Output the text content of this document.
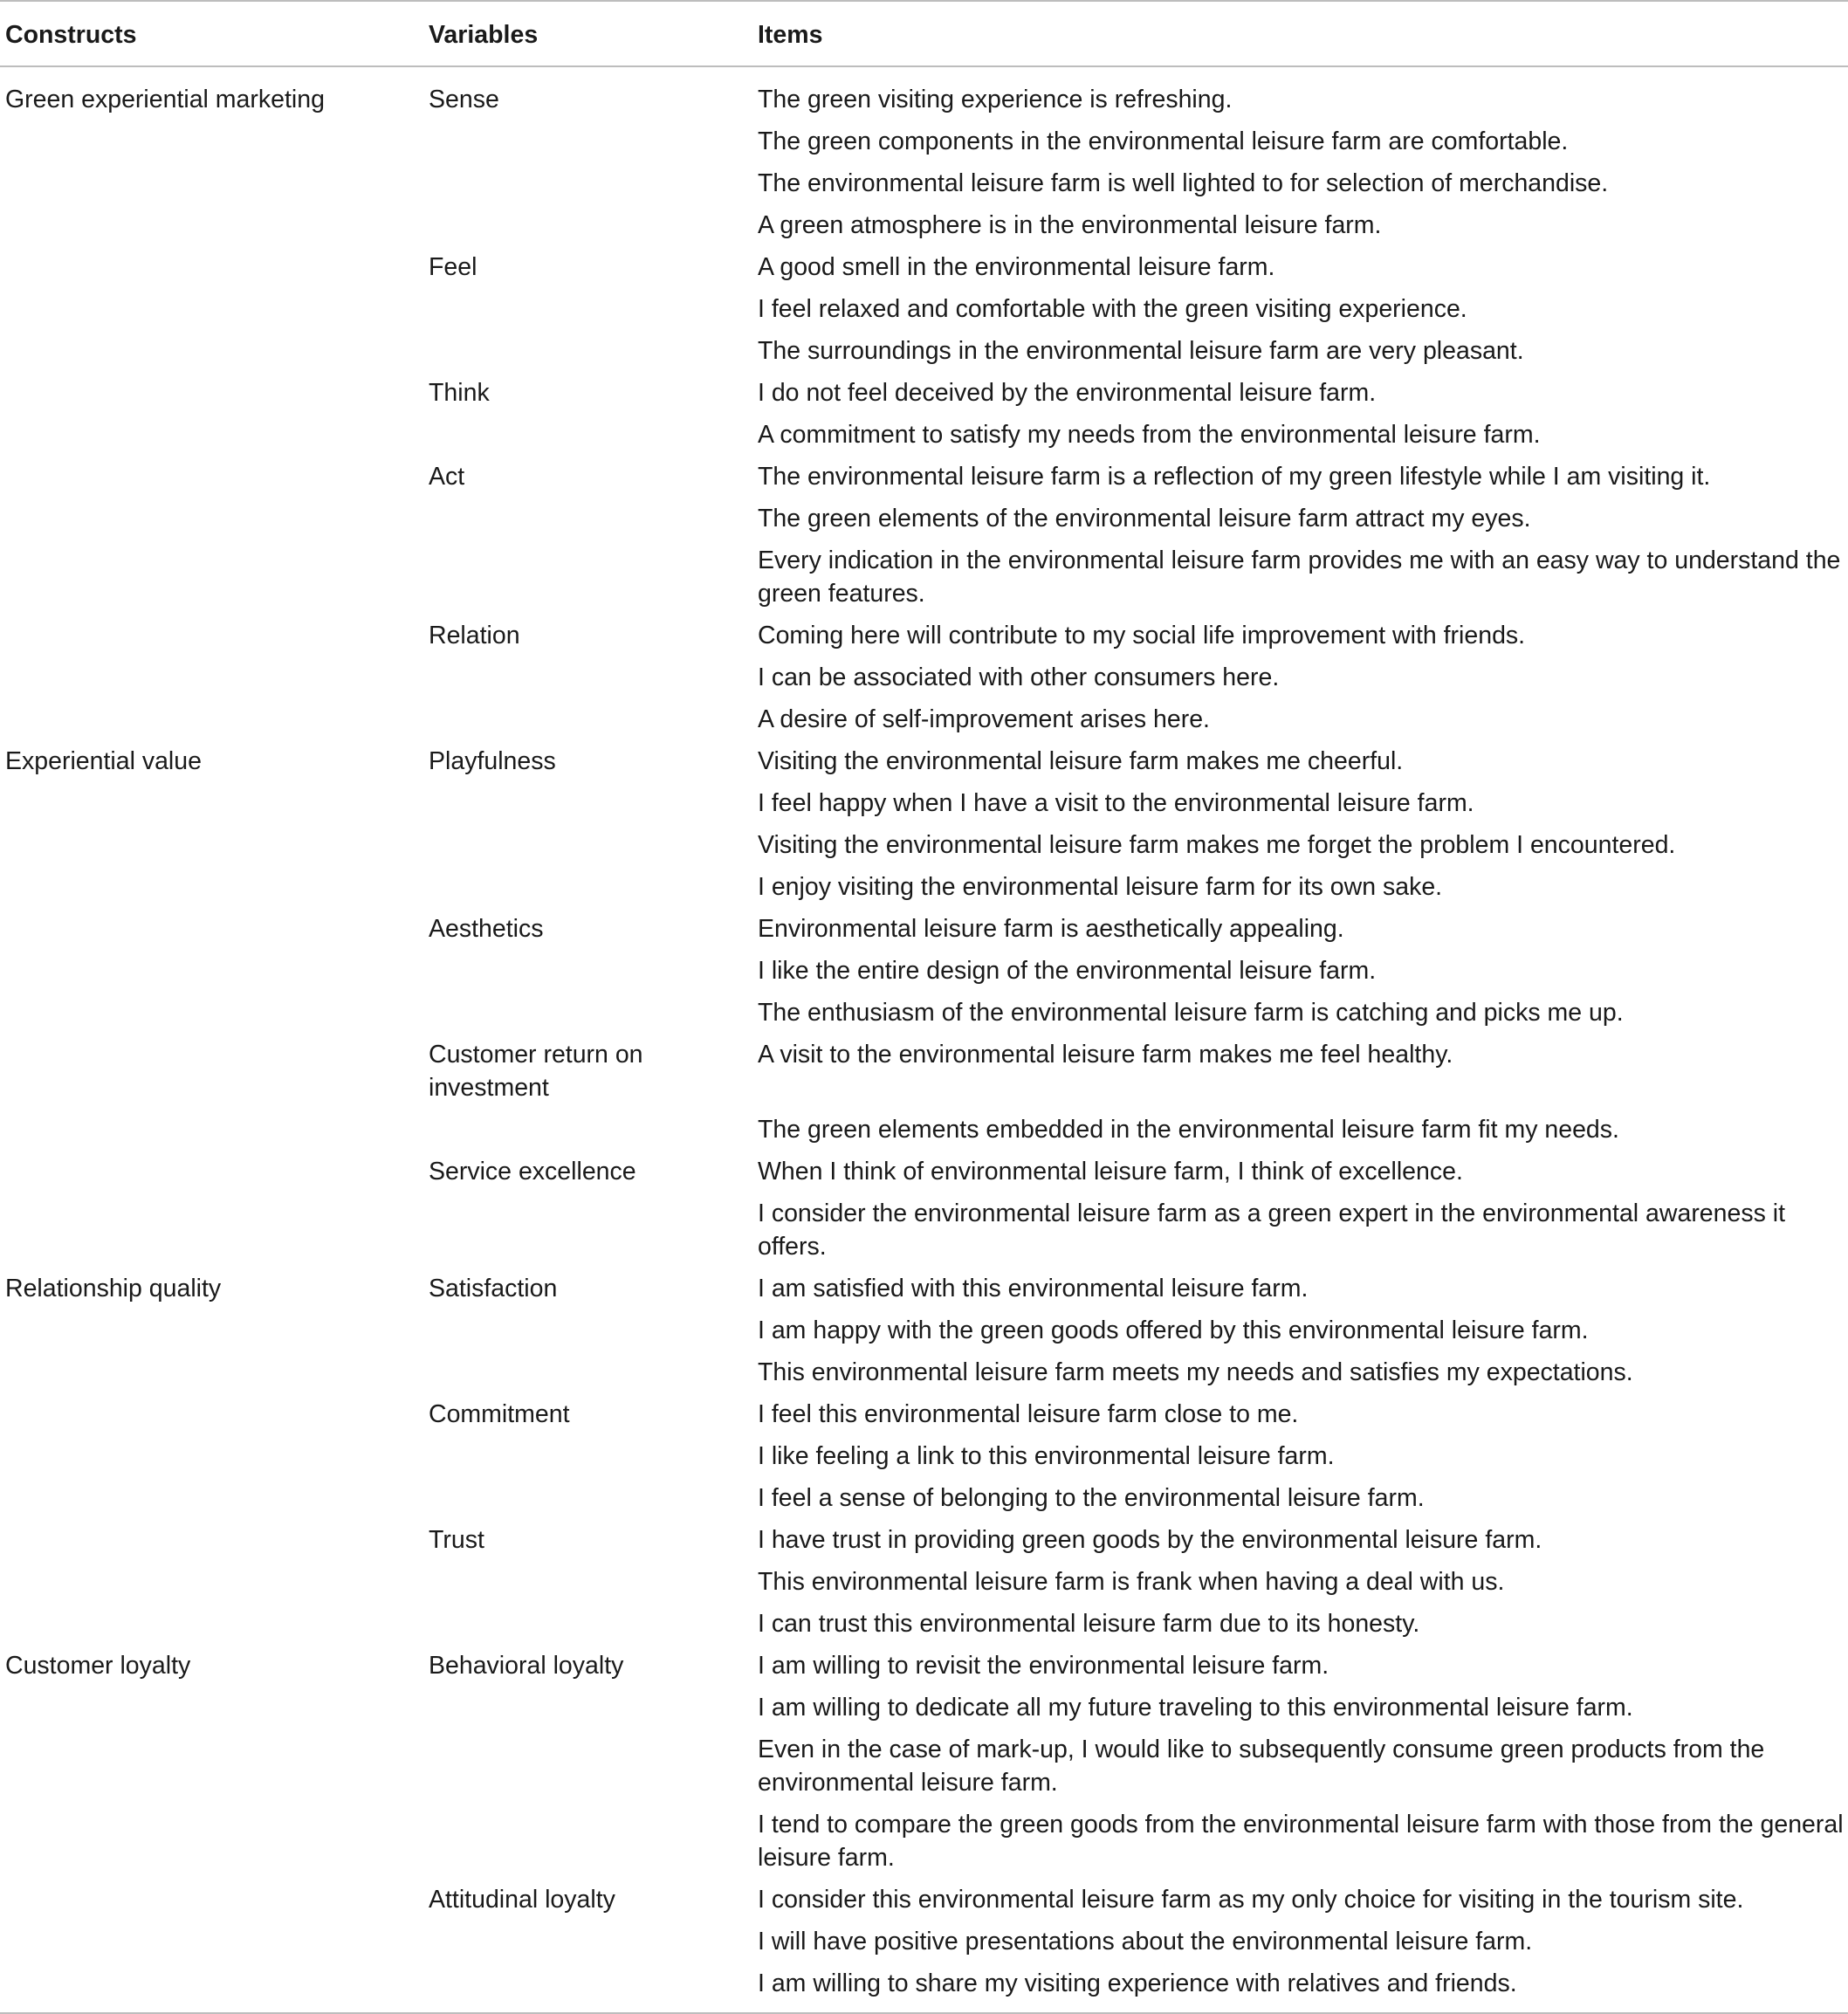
Constructs	Variables	Items
Green experiential marketing	Sense	The green visiting experience is refreshing.
		The green components in the environmental leisure farm are comfortable.
		The environmental leisure farm is well lighted to for selection of merchandise.
		A green atmosphere is in the environmental leisure farm.
	Feel	A good smell in the environmental leisure farm.
		I feel relaxed and comfortable with the green visiting experience.
		The surroundings in the environmental leisure farm are very pleasant.
	Think	I do not feel deceived by the environmental leisure farm.
		A commitment to satisfy my needs from the environmental leisure farm.
	Act	The environmental leisure farm is a reflection of my green lifestyle while I am visiting it.
		The green elements of the environmental leisure farm attract my eyes.
		Every indication in the environmental leisure farm provides me with an easy way to understand the green features.
	Relation	Coming here will contribute to my social life improvement with friends.
		I can be associated with other consumers here.
		A desire of self-improvement arises here.
Experiential value	Playfulness	Visiting the environmental leisure farm makes me cheerful.
		I feel happy when I have a visit to the environmental leisure farm.
		Visiting the environmental leisure farm makes me forget the problem I encountered.
		I enjoy visiting the environmental leisure farm for its own sake.
	Aesthetics	Environmental leisure farm is aesthetically appealing.
		I like the entire design of the environmental leisure farm.
		The enthusiasm of the environmental leisure farm is catching and picks me up.
	Customer return on investment	A visit to the environmental leisure farm makes me feel healthy.
		The green elements embedded in the environmental leisure farm fit my needs.
	Service excellence	When I think of environmental leisure farm, I think of excellence.
		I consider the environmental leisure farm as a green expert in the environmental awareness it offers.
Relationship quality	Satisfaction	I am satisfied with this environmental leisure farm.
		I am happy with the green goods offered by this environmental leisure farm.
		This environmental leisure farm meets my needs and satisfies my expectations.
	Commitment	I feel this environmental leisure farm close to me.
		I like feeling a link to this environmental leisure farm.
		I feel a sense of belonging to the environmental leisure farm.
	Trust	I have trust in providing green goods by the environmental leisure farm.
		This environmental leisure farm is frank when having a deal with us.
		I can trust this environmental leisure farm due to its honesty.
Customer loyalty	Behavioral loyalty	I am willing to revisit the environmental leisure farm.
		I am willing to dedicate all my future traveling to this environmental leisure farm.
		Even in the case of mark-up, I would like to subsequently consume green products from the environmental leisure farm.
		I tend to compare the green goods from the environmental leisure farm with those from the general leisure farm.
	Attitudinal loyalty	I consider this environmental leisure farm as my only choice for visiting in the tourism site.
		I will have positive presentations about the environmental leisure farm.
		I am willing to share my visiting experience with relatives and friends.
